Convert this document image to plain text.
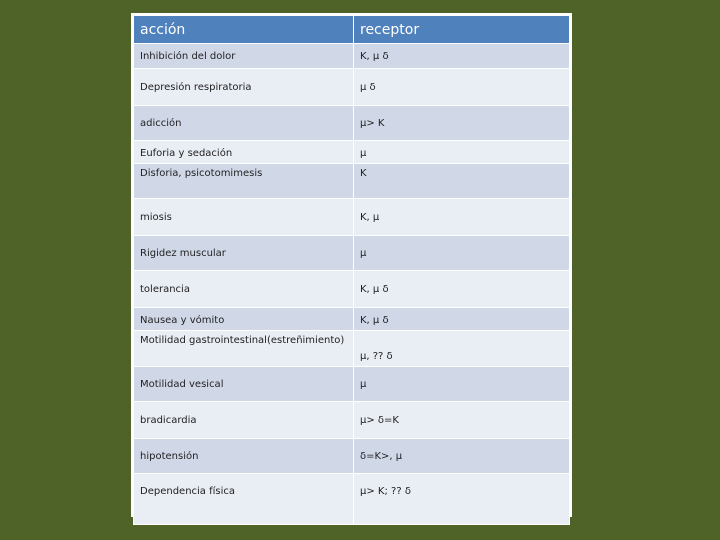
acción	receptor
Inhibición del dolor	K, μ δ
Depresión respiratoria	μ δ
adicción	μ> K
Euforia y sedación	μ
Disforia, psicotomimesis	K
miosis	K, μ
Rigidez muscular	μ
tolerancia	K, μ δ
Nausea y vómito	K, μ δ
Motilidad gastrointestinal(estreñimiento)	μ, ?? δ
Motilidad vesical	μ
bradicardia	μ> δ=K
hipotensión	δ=K>, μ
Dependencia física	μ> K; ?? δ
